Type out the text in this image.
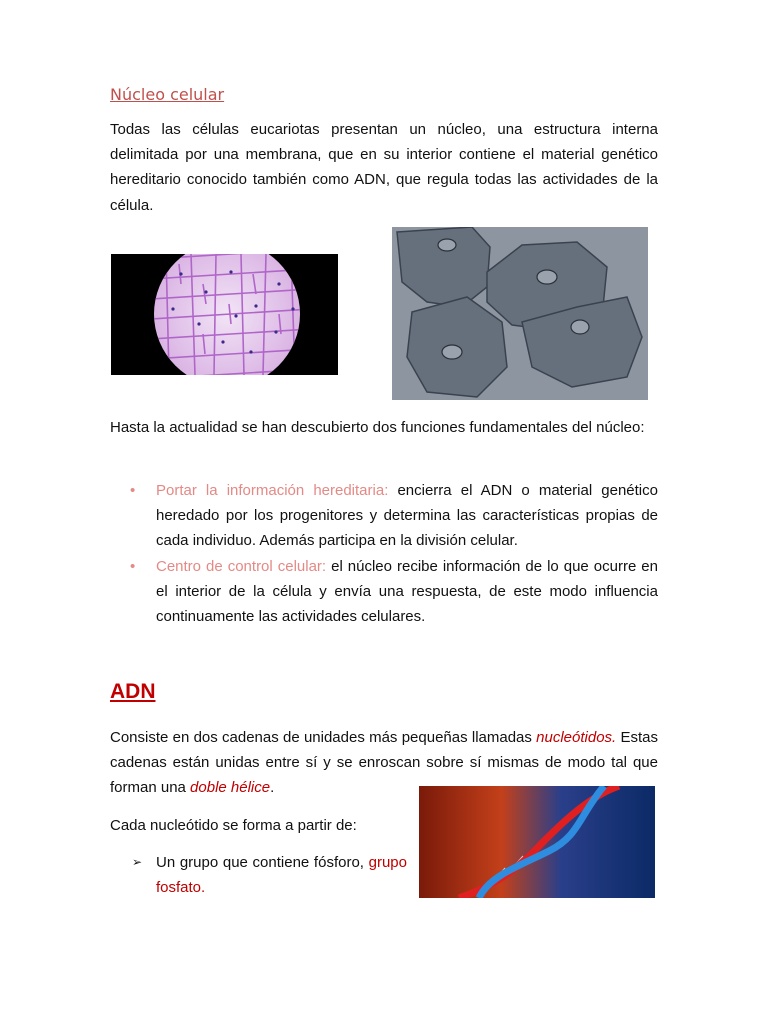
Núcleo celular

Todas las células eucariotas presentan un núcleo, una estructura interna delimitada por una membrana, que en su interior contiene el material genético hereditario conocido también como ADN, que regula todas las actividades de la célula.

Hasta la actualidad se han descubierto dos funciones fundamentales del núcleo:

• Portar la información hereditaria: encierra el ADN o material genético heredado por los progenitores y determina las características propias de cada individuo. Además participa en la división celular.
• Centro de control celular: el núcleo recibe información de lo que ocurre en el interior de la célula y envía una respuesta, de este modo influencia continuamente las actividades celulares.
ADN

Consiste en dos cadenas de unidades más pequeñas llamadas nucleótidos. Estas cadenas están unidas entre sí y se enroscan sobre sí mismas de modo tal que forman una doble hélice.

Cada nucleótido se forma a partir de:

➢ Un grupo que contiene fósforo, grupo fosfato.
